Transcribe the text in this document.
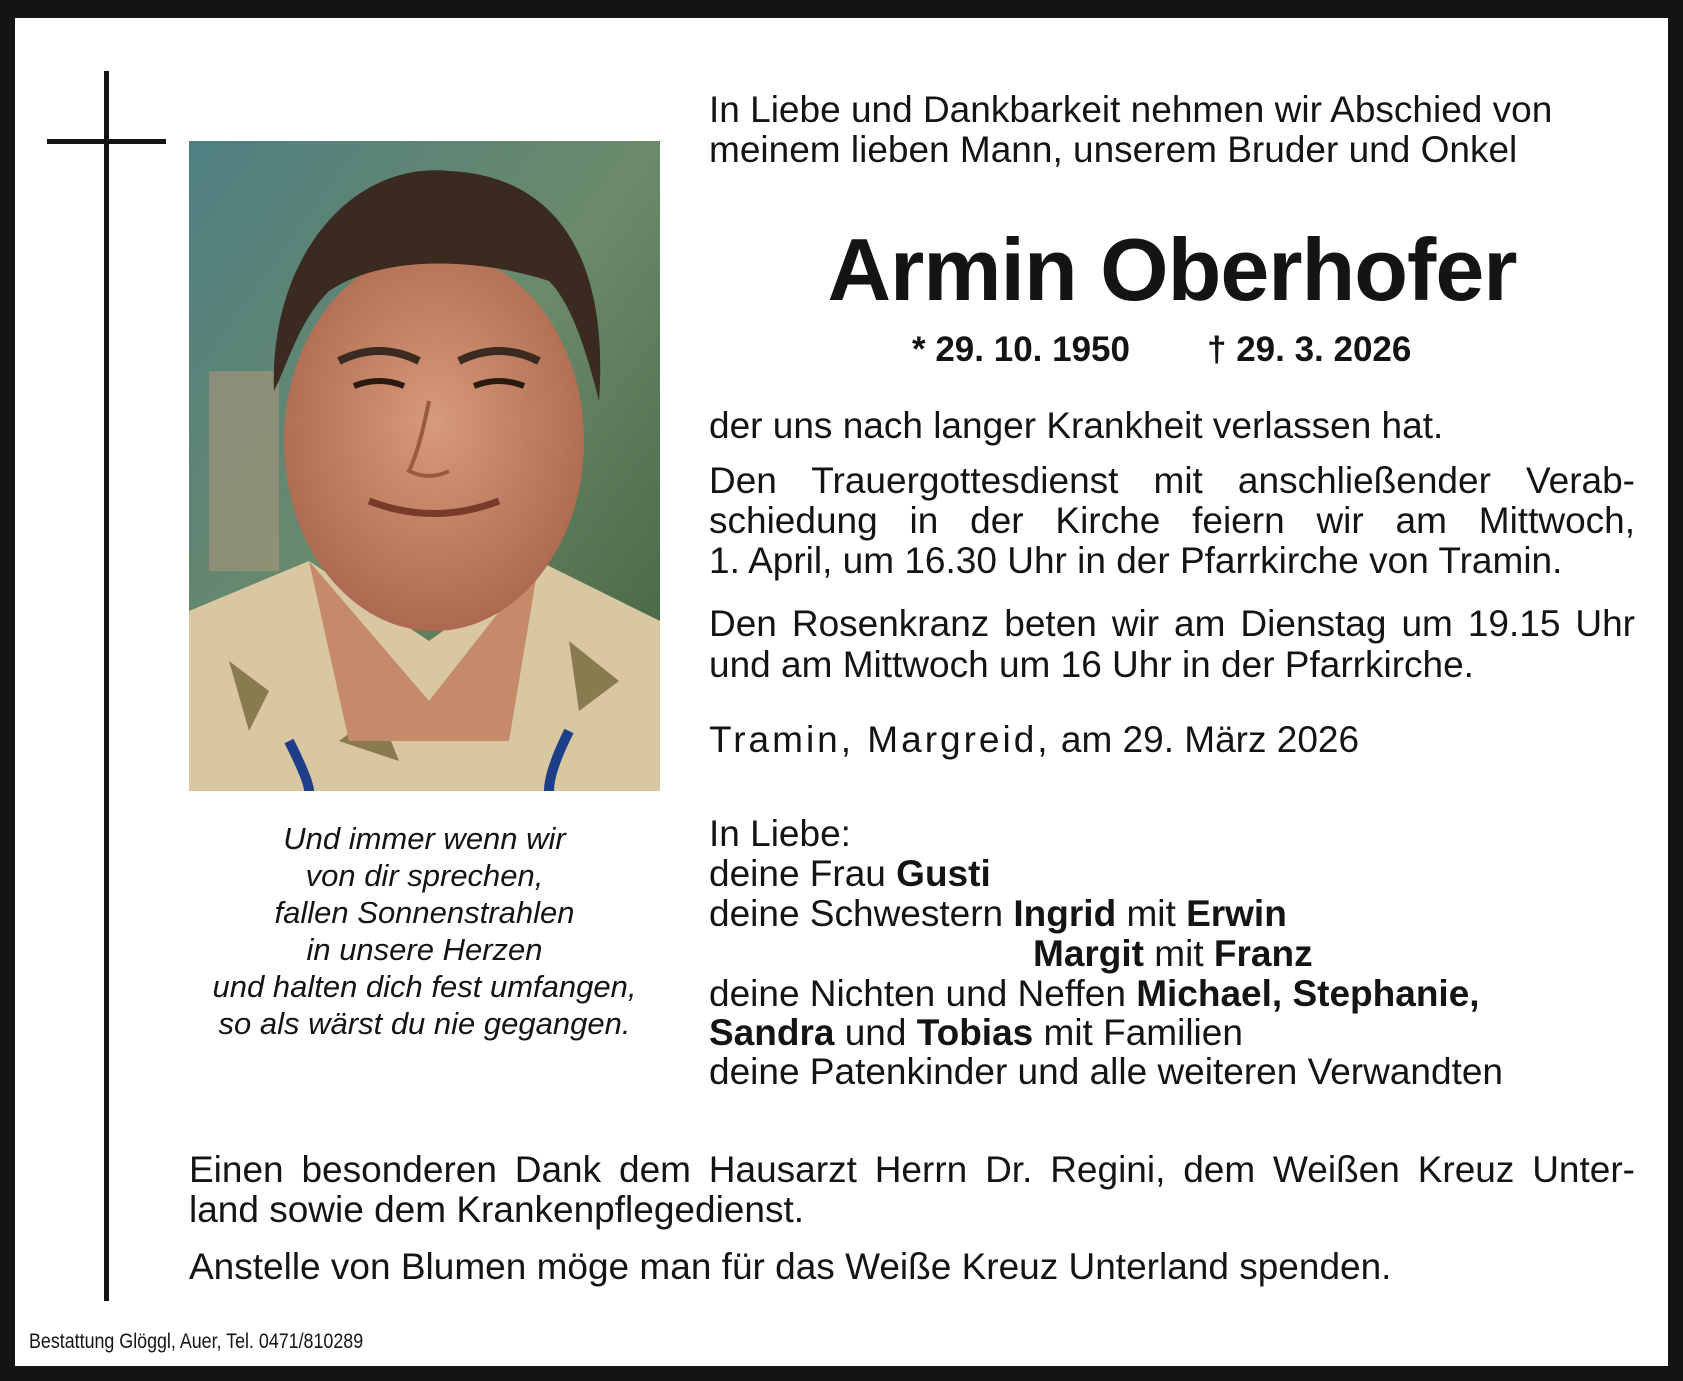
In Liebe und Dankbarkeit nehmen wir Abschied von
meinem lieben Mann, unserem Bruder und Onkel
Armin Oberhofer
* 29. 10. 1950 † 29. 3. 2026
der uns nach langer Krankheit verlassen hat.
Den Trauergottesdienst mit anschließender Verab-
schiedung in der Kirche feiern wir am Mittwoch,
1. April, um 16.30 Uhr in der Pfarrkirche von Tramin.
Den Rosenkranz beten wir am Dienstag um 19.15 Uhr
und am Mittwoch um 16 Uhr in der Pfarrkirche.
Tramin, Margreid, am 29. März 2026
In Liebe:
deine Frau Gusti
deine Schwestern Ingrid mit Erwin
Margit mit Franz
deine Nichten und Neffen Michael, Stephanie,
Sandra und Tobias mit Familien
deine Patenkinder und alle weiteren Verwandten
Und immer wenn wir
von dir sprechen,
fallen Sonnenstrahlen
in unsere Herzen
und halten dich fest umfangen,
so als wärst du nie gegangen.
Einen besonderen Dank dem Hausarzt Herrn Dr. Regini, dem Weißen Kreuz Unter-
land sowie dem Krankenpflegedienst.
Anstelle von Blumen möge man für das Weiße Kreuz Unterland spenden.
Bestattung Glöggl, Auer, Tel. 0471/810289
